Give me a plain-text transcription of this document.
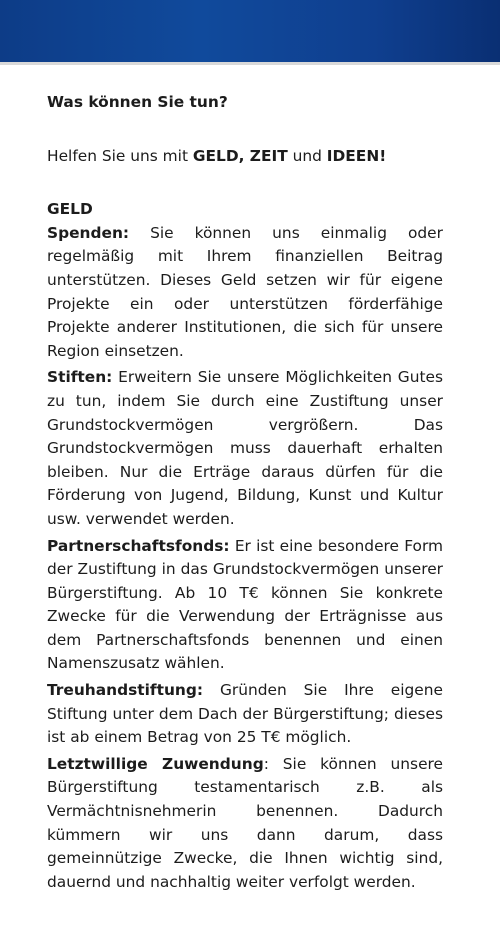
Was können Sie tun?

Helfen Sie uns mit GELD, ZEIT und IDEEN!

GELD

Spenden: Sie können uns einmalig oder regelmäßig mit Ihrem finanziellen Beitrag unterstützen. Dieses Geld setzen wir für eigene Projekte ein oder unterstützen förderfähige Projekte anderer Institutionen, die sich für unsere Region einsetzen.

Stiften: Erweitern Sie unsere Möglichkeiten Gutes zu tun, indem Sie durch eine Zustiftung unser Grundstockvermögen vergrößern. Das Grundstockvermögen muss dauerhaft erhalten bleiben. Nur die Erträge daraus dürfen für die Förderung von Jugend, Bildung, Kunst und Kultur usw. verwendet werden.

Partnerschaftsfonds: Er ist eine besondere Form der Zustiftung in das Grundstockvermögen unserer Bürgerstiftung. Ab 10 T€ können Sie konkrete Zwecke für die Verwendung der Erträgnisse aus dem Partnerschaftsfonds benennen und einen Namenszusatz wählen.

Treuhandstiftung: Gründen Sie Ihre eigene Stiftung unter dem Dach der Bürgerstiftung; dieses ist ab einem Betrag von 25 T€ möglich.

Letztwillige Zuwendung: Sie können unsere Bürgerstiftung testamentarisch z.B. als Vermächtnisnehmerin benennen. Dadurch kümmern wir uns dann darum, dass gemeinnützige Zwecke, die Ihnen wichtig sind, dauernd und nachhaltig weiter verfolgt werden.
